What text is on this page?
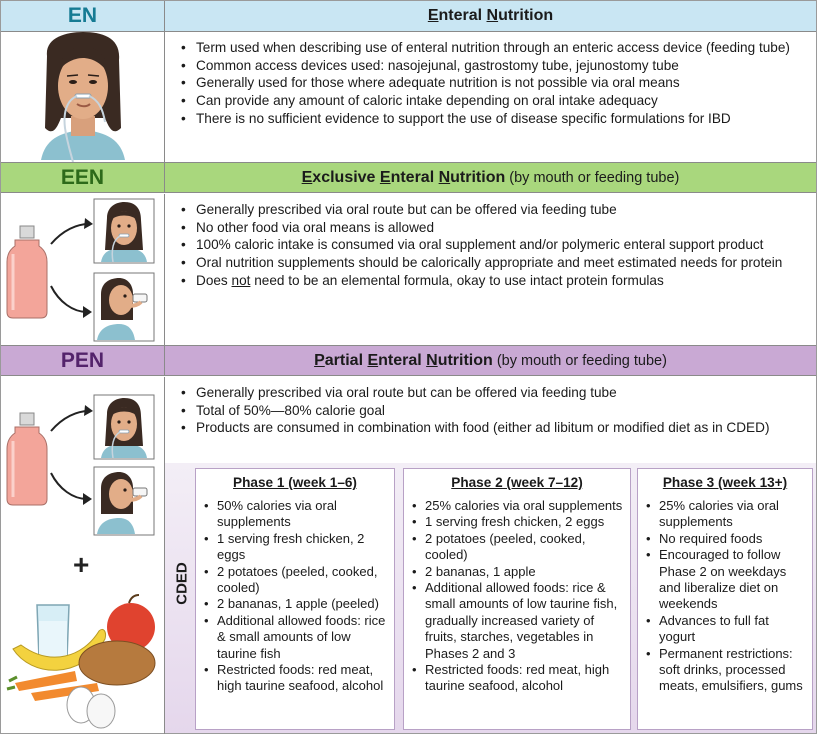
EN	Enteral Nutrition
• Term used when describing use of enteral nutrition through an enteric access device (feeding tube)
• Common access devices used: nasojejunal, gastrostomy tube, jejunostomy tube
• Generally used for those where adequate nutrition is not possible via oral means
• Can provide any amount of caloric intake depending on oral intake adequacy
• There is no sufficient evidence to support the use of disease specific formulations for IBD
EEN	Exclusive Enteral Nutrition (by mouth or feeding tube)
• Generally prescribed via oral route but can be offered via feeding tube
• No other food via oral means is allowed
• 100% caloric intake is consumed via oral supplement and/or polymeric enteral support product
• Oral nutrition supplements should be calorically appropriate and meet estimated needs for protein
• Does not need to be an elemental formula, okay to use intact protein formulas
PEN	Partial Enteral Nutrition (by mouth or feeding tube)
• Generally prescribed via oral route but can be offered via feeding tube
• Total of 50%—80% calorie goal
• Products are consumed in combination with food (either ad libitum or modified diet as in CDED)
+	CDED
Phase 1 (week 1–6)
• 50% calories via oral supplements
• 1 serving fresh chicken, 2 eggs
• 2 potatoes (peeled, cooked, cooled)
• 2 bananas, 1 apple (peeled)
• Additional allowed foods: rice & small amounts of low taurine fish
• Restricted foods: red meat, high taurine seafood, alcohol
Phase 2 (week 7–12)
• 25% calories via oral supplements
• 1 serving fresh chicken, 2 eggs
• 2 potatoes (peeled, cooked, cooled)
• 2 bananas, 1 apple
• Additional allowed foods: rice & small amounts of low taurine fish, gradually increased variety of fruits, starches, vegetables in Phases 2 and 3
• Restricted foods: red meat, high taurine seafood, alcohol
Phase 3 (week 13+)
• 25% calories via oral supplements
• No required foods
• Encouraged to follow Phase 2 on weekdays and liberalize diet on weekends
• Advances to full fat yogurt
• Permanent restrictions: soft drinks, processed meats, emulsifiers, gums
